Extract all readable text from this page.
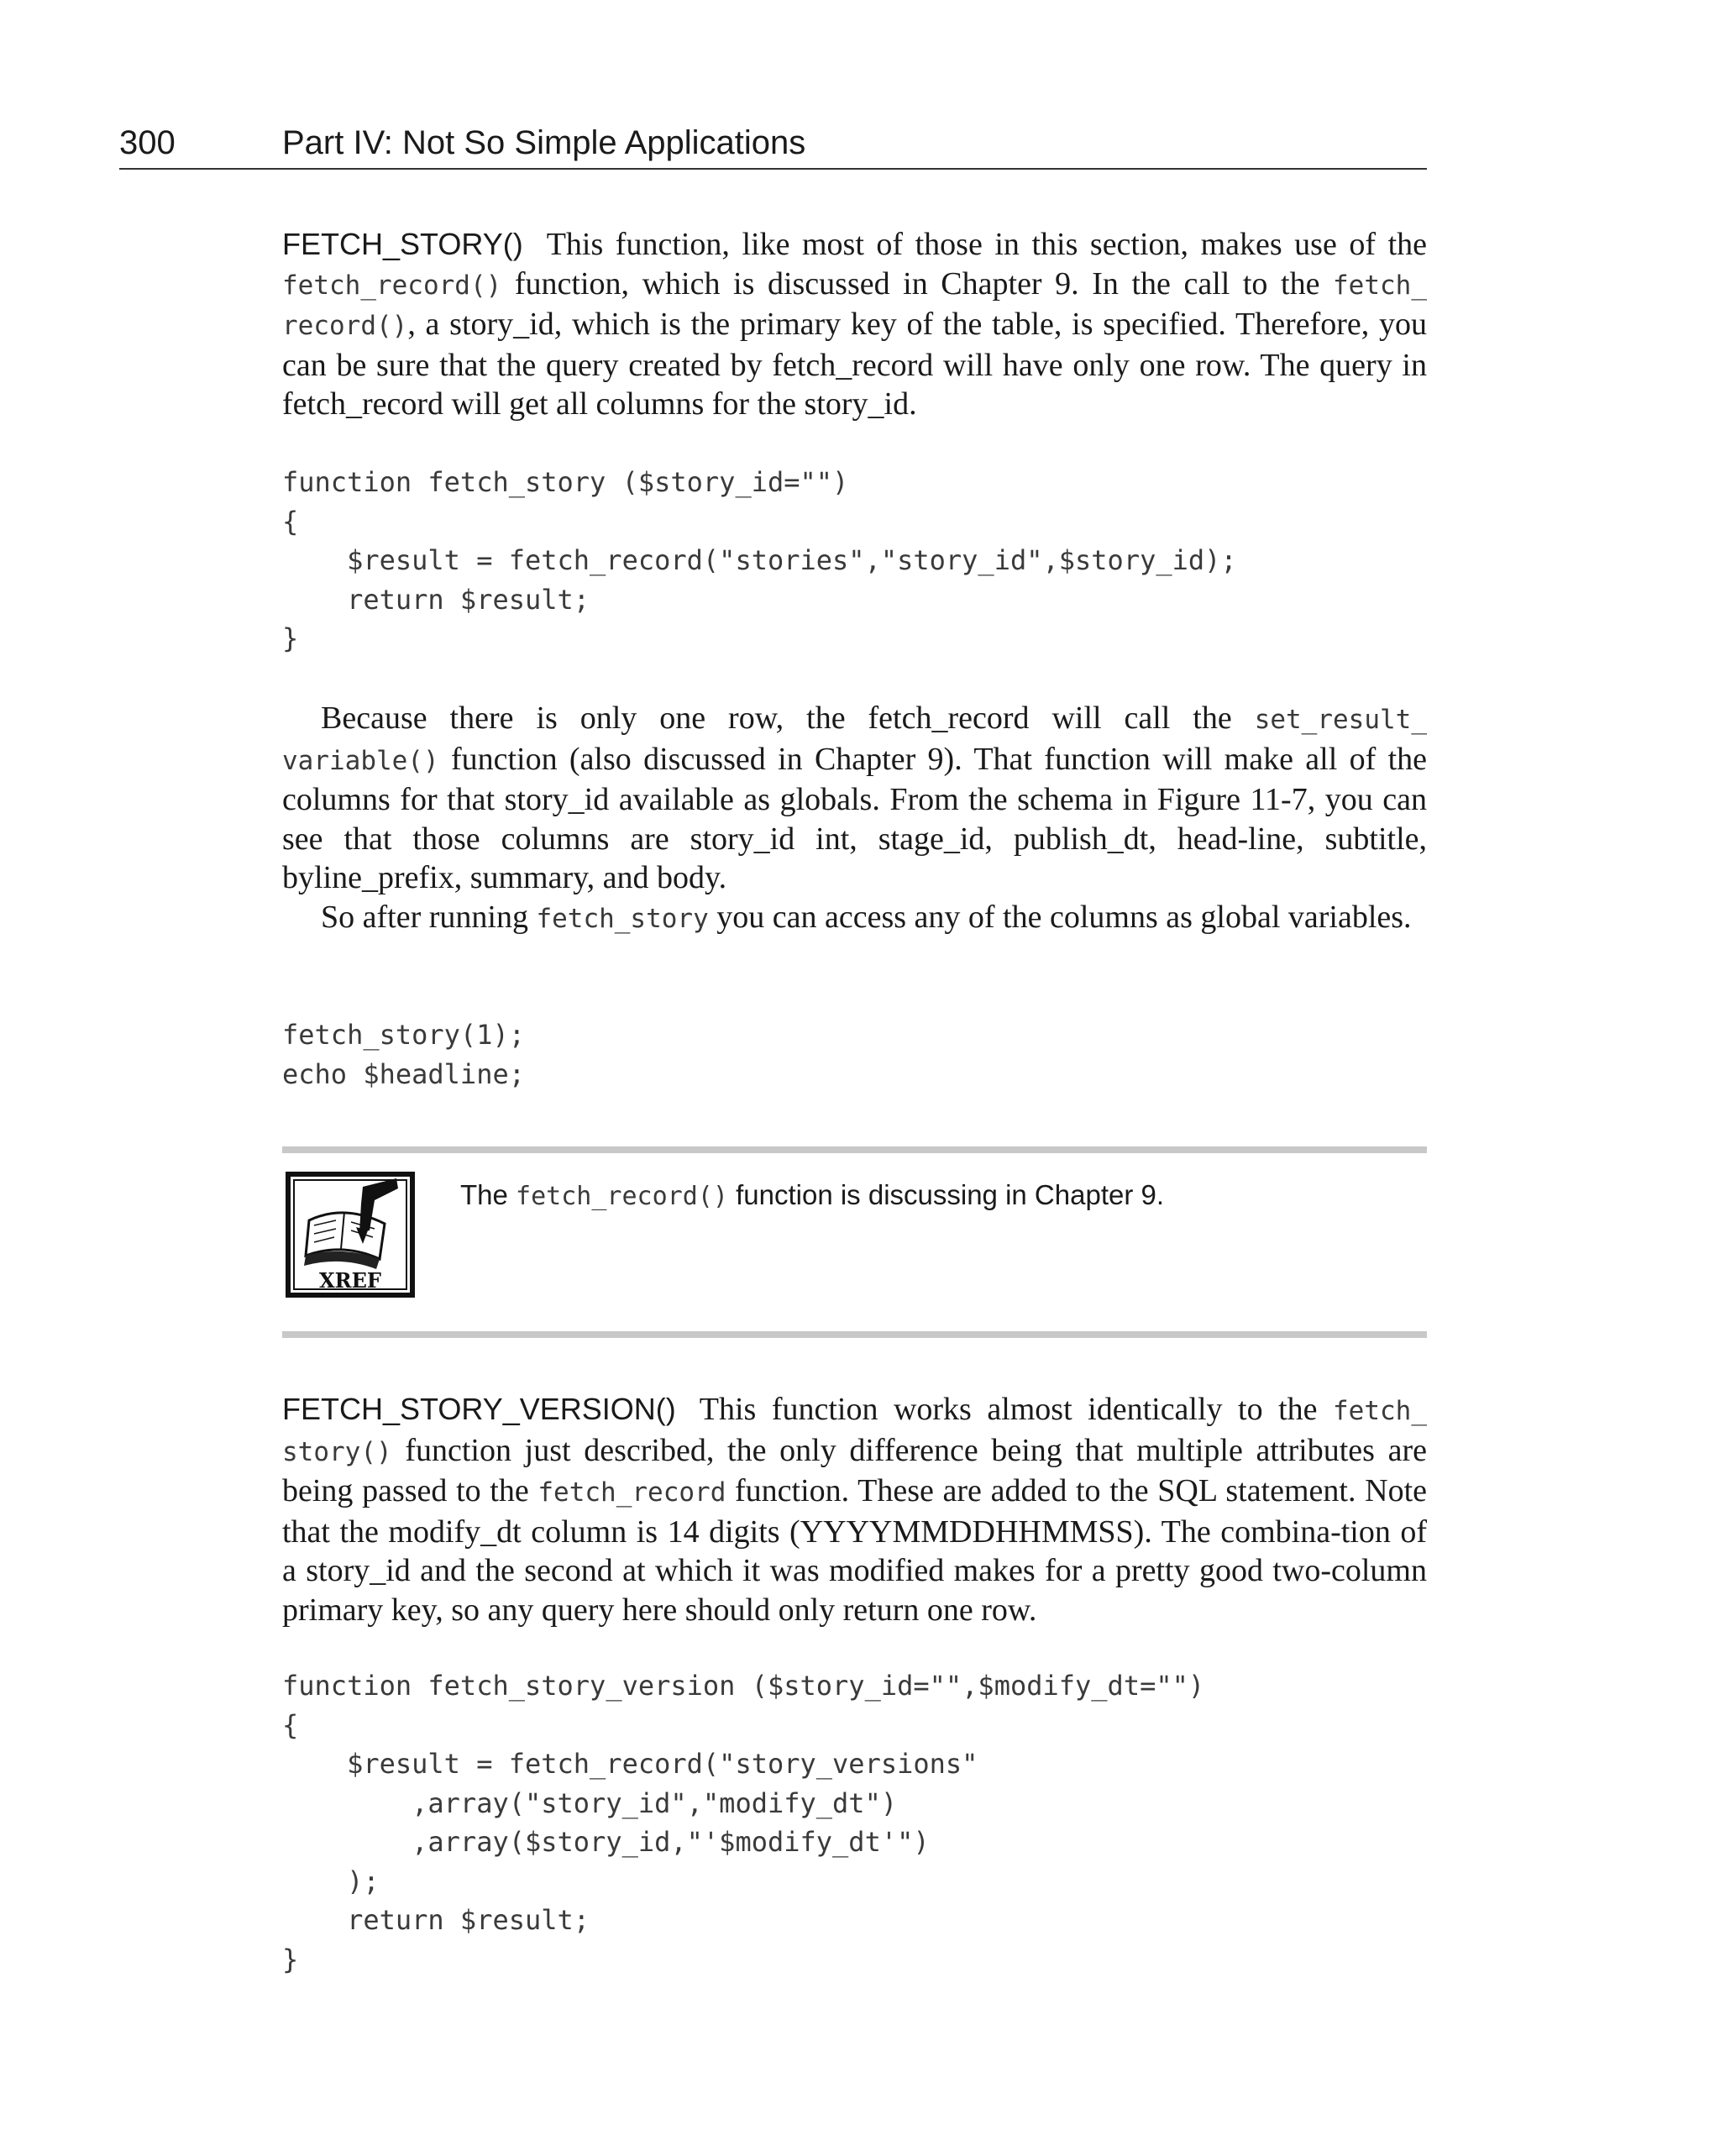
300	Part IV: Not So Simple Applications

FETCH_STORY() This function, like most of those in this section, makes use of the fetch_record() function, which is discussed in Chapter 9. In the call to the fetch_ record(), a story_id, which is the primary key of the table, is specified. Therefore, you can be sure that the query created by fetch_record will have only one row. The query in fetch_record will get all columns for the story_id.

function fetch_story ($story_id="")
{
$result = fetch_record("stories","story_id",$story_id);
return $result;
}

Because there is only one row, the fetch_record will call the set_result_ variable() function (also discussed in Chapter 9). That function will make all of the columns for that story_id available as globals. From the schema in Figure 11-7, you can see that those columns are story_id int, stage_id, publish_dt, head-line, subtitle, byline_prefix, summary, and body.

So after running fetch_story you can access any of the columns as global variables.

fetch_story(1);
echo $headline;
XREF
The fetch_record() function is discussing in Chapter 9.

FETCH_STORY_VERSION() This function works almost identically to the fetch_ story() function just described, the only difference being that multiple attributes are being passed to the fetch_record function. These are added to the SQL statement. Note that the modify_dt column is 14 digits (YYYYMMDDHHMMSS). The combina-tion of a story_id and the second at which it was modified makes for a pretty good two-column primary key, so any query here should only return one row.

function fetch_story_version ($story_id="",$modify_dt="")
{
$result = fetch_record("story_versions"
,array("story_id","modify_dt")
,array($story_id,"'$modify_dt'")
);
return $result;
}
